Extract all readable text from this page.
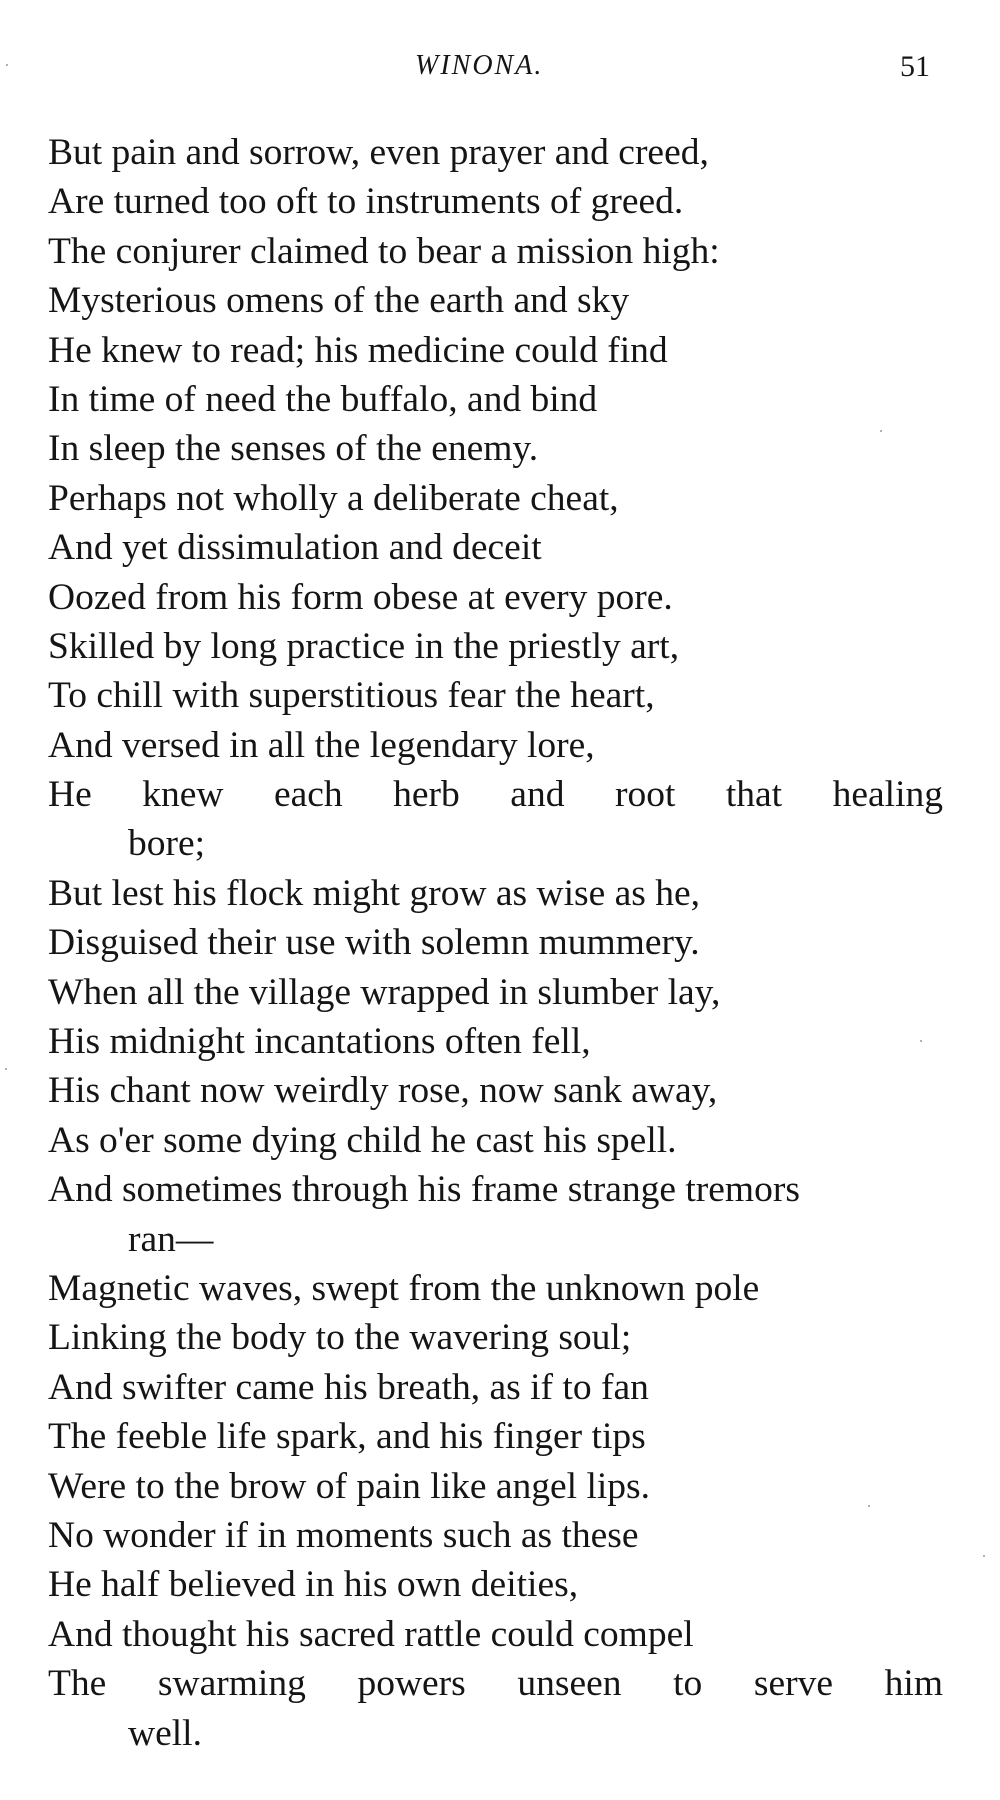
WINONA.	51
But pain and sorrow, even prayer and creed,
Are turned too oft to instruments of greed.
The conjurer claimed to bear a mission high:
Mysterious omens of the earth and sky
He knew to read; his medicine could find
In time of need the buffalo, and bind
In sleep the senses of the enemy.
Perhaps not wholly a deliberate cheat,
And yet dissimulation and deceit
Oozed from his form obese at every pore.
Skilled by long practice in the priestly art,
To chill with superstitious fear the heart,
And versed in all the legendary lore,
He knew each herb and root that healing
bore;
But lest his flock might grow as wise as he,
Disguised their use with solemn mummery.
When all the village wrapped in slumber lay,
His midnight incantations often fell,
His chant now weirdly rose, now sank away,
As o'er some dying child he cast his spell.
And sometimes through his frame strange tremors
ran—
Magnetic waves, swept from the unknown pole
Linking the body to the wavering soul;
And swifter came his breath, as if to fan
The feeble life spark, and his finger tips
Were to the brow of pain like angel lips.
No wonder if in moments such as these
He half believed in his own deities,
And thought his sacred rattle could compel
The swarming powers unseen to serve him
well.
